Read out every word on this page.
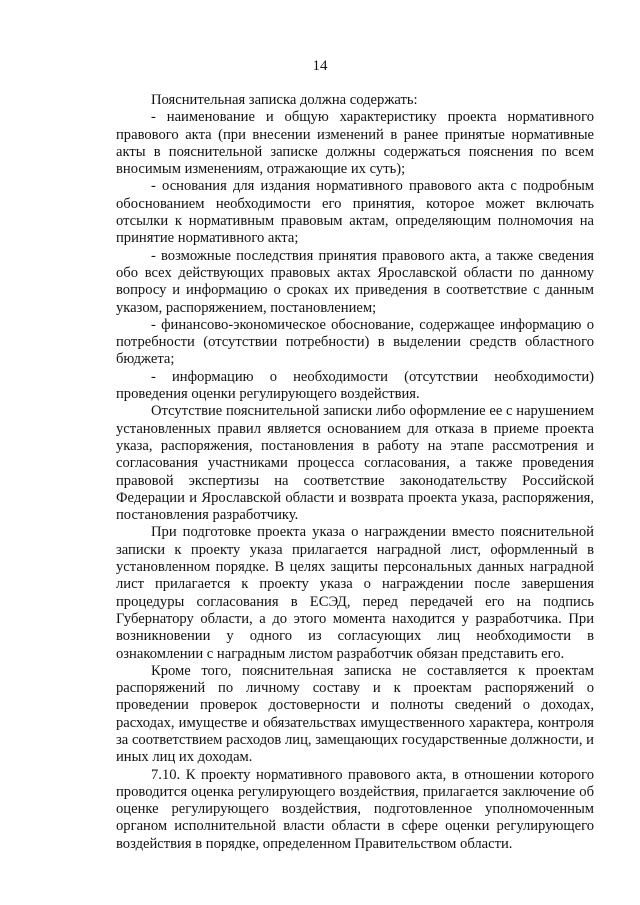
14

Пояснительная записка должна содержать:

- наименование и общую характеристику проекта нормативного правового акта (при внесении изменений в ранее принятые нормативные акты в пояснительной записке должны содержаться пояснения по всем вносимым изменениям, отражающие их суть);

- основания для издания нормативного правового акта с подробным обоснованием необходимости его принятия, которое может включать отсылки к нормативным правовым актам, определяющим полномочия на принятие нормативного акта;

- возможные последствия принятия правового акта, а также сведения обо всех действующих правовых актах Ярославской области по данному вопросу и информацию о сроках их приведения в соответствие с данным указом, распоряжением, постановлением;

- финансово-экономическое обоснование, содержащее информацию о потребности (отсутствии потребности) в выделении средств областного бюджета;

- информацию о необходимости (отсутствии необходимости) проведения оценки регулирующего воздействия.

Отсутствие пояснительной записки либо оформление ее с нарушением установленных правил является основанием для отказа в приеме проекта указа, распоряжения, постановления в работу на этапе рассмотрения и согласования участниками процесса согласования, а также проведения правовой экспертизы на соответствие законодательству Российской Федерации и Ярославской области и возврата проекта указа, распоряжения, постановления разработчику.

При подготовке проекта указа о награждении вместо пояснительной записки к проекту указа прилагается наградной лист, оформленный в установленном порядке. В целях защиты персональных данных наградной лист прилагается к проекту указа о награждении после завершения процедуры согласования в ЕСЭД, перед передачей его на подпись Губернатору области, а до этого момента находится у разработчика. При возникновении у одного из согласующих лиц необходимости в ознакомлении с наградным листом разработчик обязан представить его.

Кроме того, пояснительная записка не составляется к проектам распоряжений по личному составу и к проектам распоряжений о проведении проверок достоверности и полноты сведений о доходах, расходах, имуществе и обязательствах имущественного характера, контроля за соответствием расходов лиц, замещающих государственные должности, и иных лиц их доходам.

7.10. К проекту нормативного правового акта, в отношении которого проводится оценка регулирующего воздействия, прилагается заключение об оценке регулирующего воздействия, подготовленное уполномоченным органом исполнительной власти области в сфере оценки регулирующего воздействия в порядке, определенном Правительством области.
